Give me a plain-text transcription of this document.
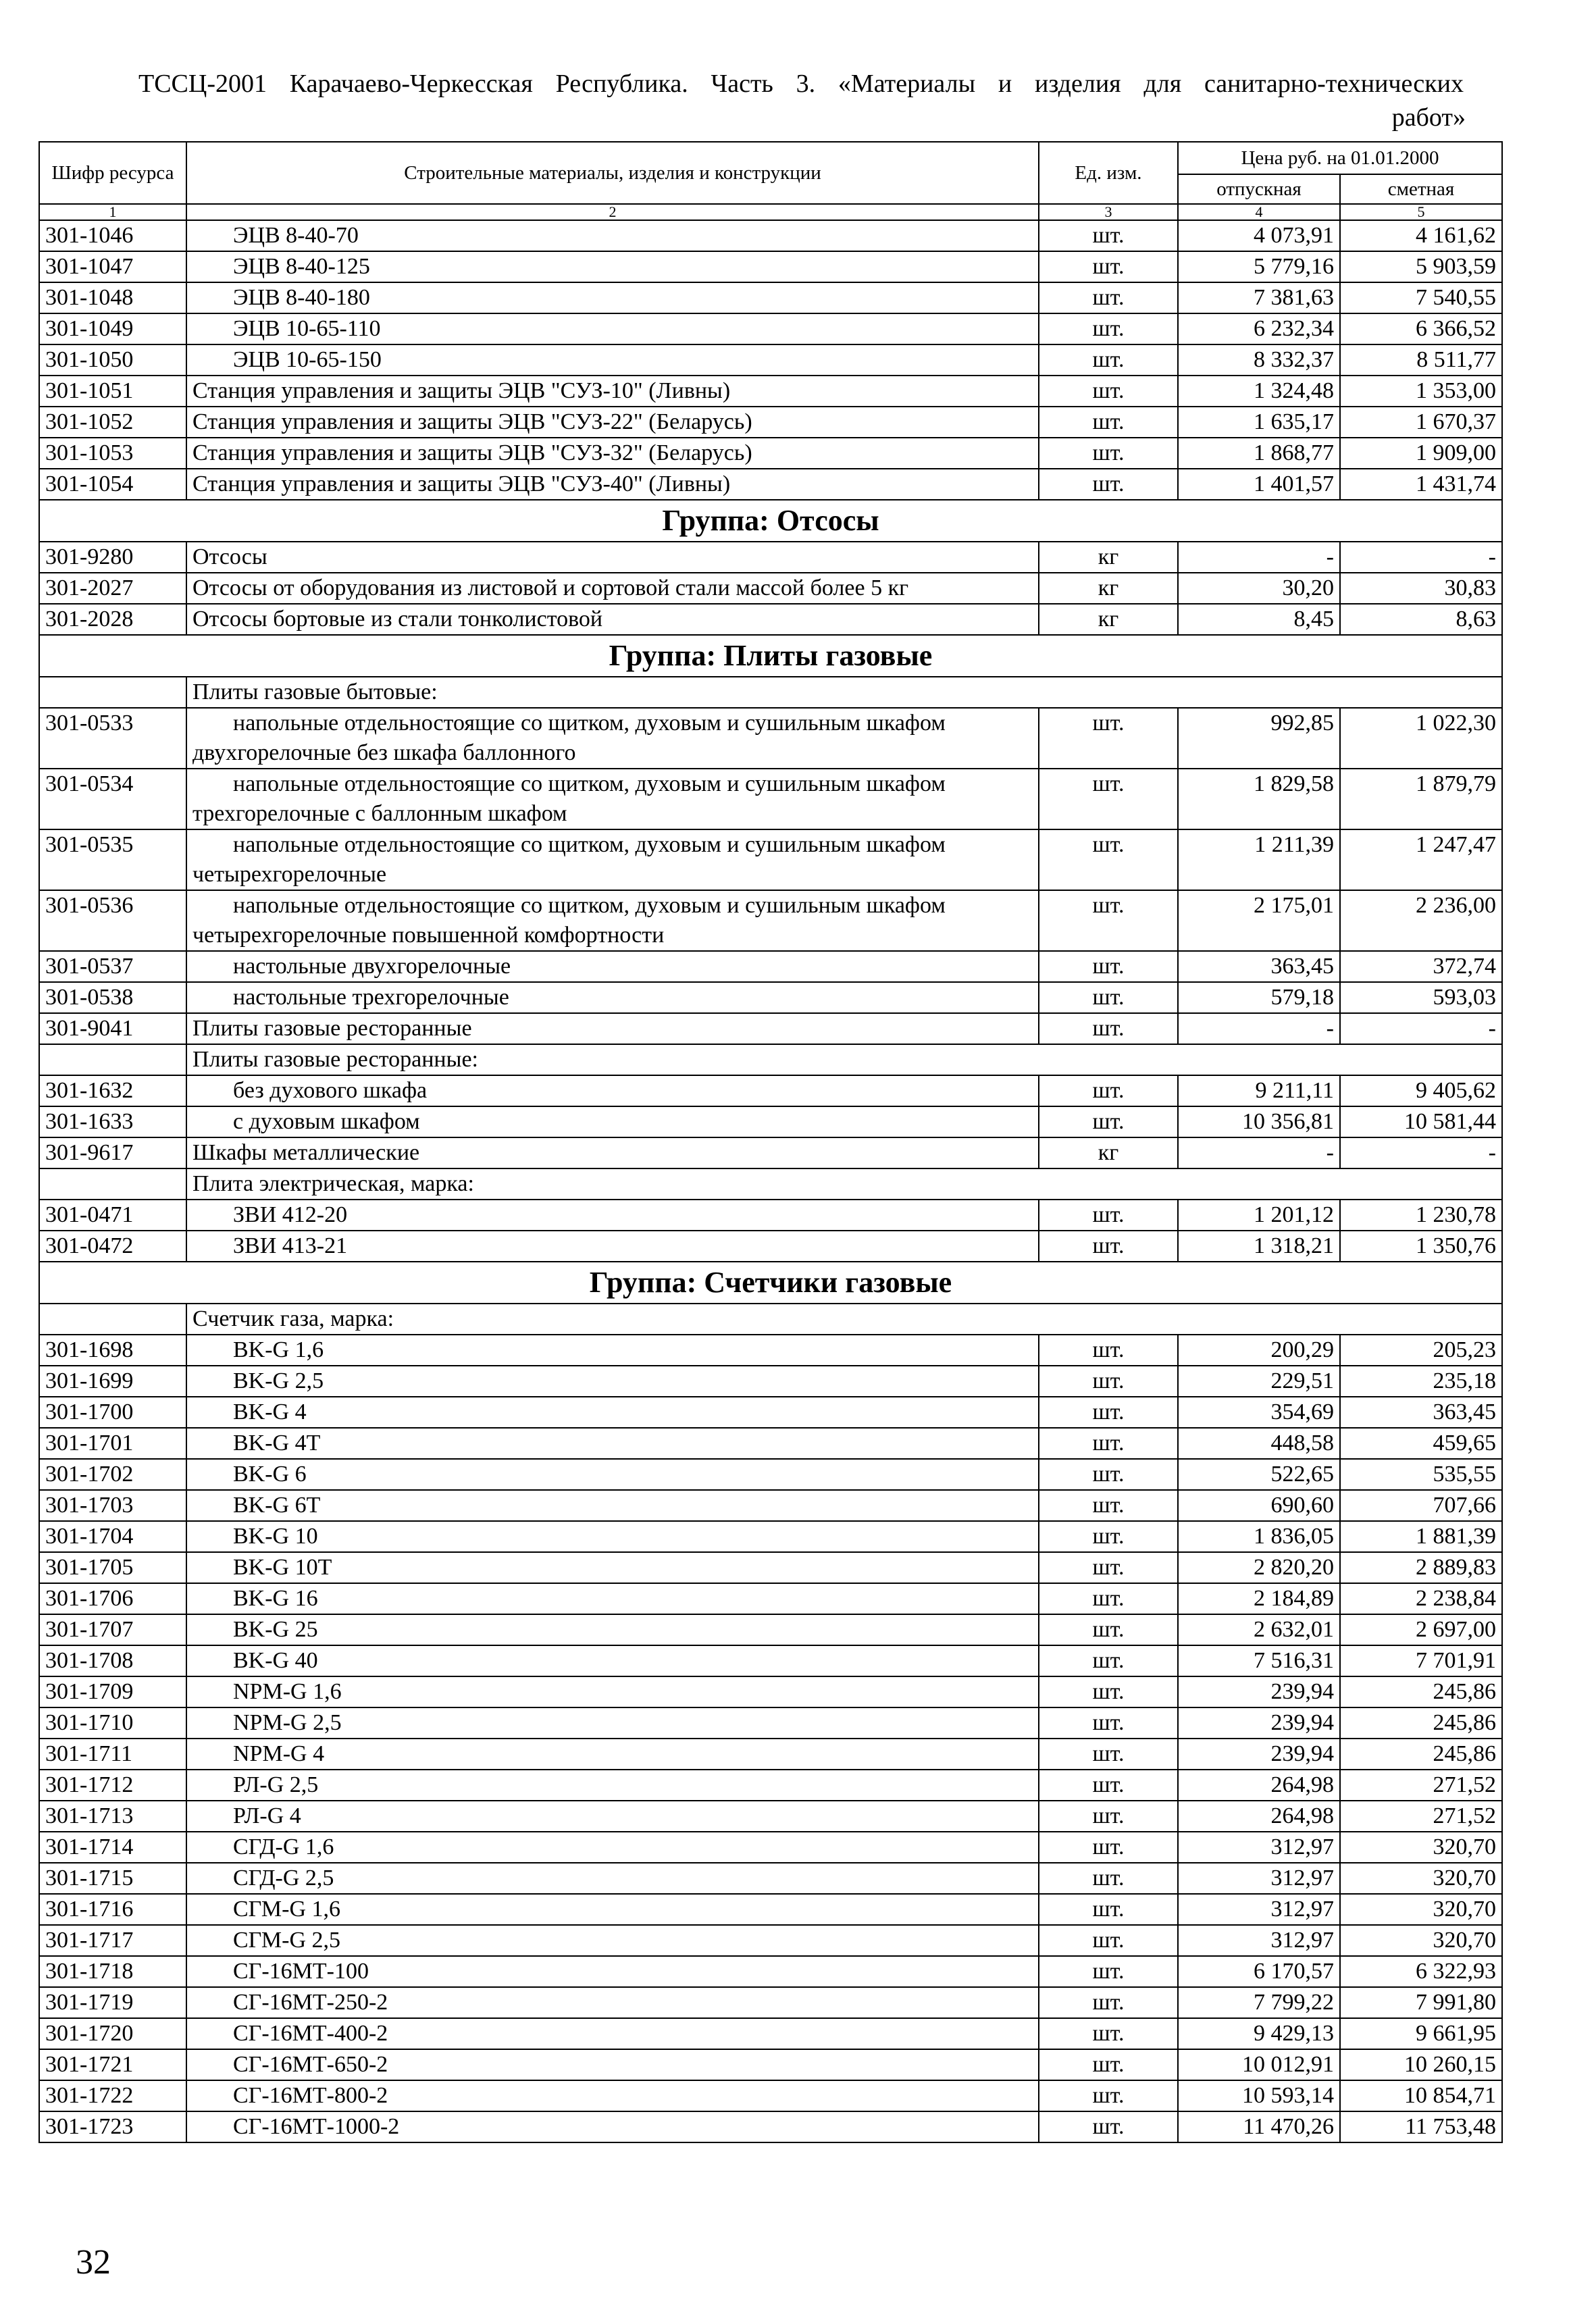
ТССЦ-2001 Карачаево-Черкесская Республика. Часть 3. «Материалы и изделия для санитарно-технических
работ»
Шифр ресурса	Строительные материалы, изделия и конструкции	Ед. изм.	Цена руб. на 01.01.2000	
			отпускная	сметная
1	2	3	4	5
301-1046	ЭЦВ 8-40-70	шт.	4 073,91	4 161,62
301-1047	ЭЦВ 8-40-125	шт.	5 779,16	5 903,59
301-1048	ЭЦВ 8-40-180	шт.	7 381,63	7 540,55
301-1049	ЭЦВ 10-65-110	шт.	6 232,34	6 366,52
301-1050	ЭЦВ 10-65-150	шт.	8 332,37	8 511,77
301-1051	Станция управления и защиты ЭЦВ "СУЗ-10" (Ливны)	шт.	1 324,48	1 353,00
301-1052	Станция управления и защиты ЭЦВ "СУЗ-22" (Беларусь)	шт.	1 635,17	1 670,37
301-1053	Станция управления и защиты ЭЦВ "СУЗ-32" (Беларусь)	шт.	1 868,77	1 909,00
301-1054	Станция управления и защиты ЭЦВ "СУЗ-40" (Ливны)	шт.	1 401,57	1 431,74
Группа: Отсосы				
301-9280	Отсосы	кг	-	-
301-2027	Отсосы от оборудования из листовой и сортовой стали массой более 5 кг	кг	30,20	30,83
301-2028	Отсосы бортовые из стали тонколистовой	кг	8,45	8,63
Группа: Плиты газовые				
	Плиты газовые бытовые:			
301-0533	напольные отдельностоящие со щитком, духовым и сушильным шкафом
двухгорелочные без шкафа баллонного	шт.	992,85	1 022,30
301-0534	напольные отдельностоящие со щитком, духовым и сушильным шкафом
трехгорелочные с баллонным шкафом	шт.	1 829,58	1 879,79
301-0535	напольные отдельностоящие со щитком, духовым и сушильным шкафом
четырехгорелочные	шт.	1 211,39	1 247,47
301-0536	напольные отдельностоящие со щитком, духовым и сушильным шкафом
четырехгорелочные повышенной комфортности	шт.	2 175,01	2 236,00
301-0537	настольные двухгорелочные	шт.	363,45	372,74
301-0538	настольные трехгорелочные	шт.	579,18	593,03
301-9041	Плиты газовые ресторанные	шт.	-	-
	Плиты газовые ресторанные:			
301-1632	без духового шкафа	шт.	9 211,11	9 405,62
301-1633	с духовым шкафом	шт.	10 356,81	10 581,44
301-9617	Шкафы металлические	кг	-	-
	Плита электрическая, марка:			
301-0471	ЗВИ 412-20	шт.	1 201,12	1 230,78
301-0472	ЗВИ 413-21	шт.	1 318,21	1 350,76
Группа: Счетчики газовые				
	Счетчик газа, марка:			
301-1698	BK-G 1,6	шт.	200,29	205,23
301-1699	BK-G 2,5	шт.	229,51	235,18
301-1700	BK-G 4	шт.	354,69	363,45
301-1701	BK-G 4T	шт.	448,58	459,65
301-1702	BK-G 6	шт.	522,65	535,55
301-1703	BK-G 6T	шт.	690,60	707,66
301-1704	BK-G 10	шт.	1 836,05	1 881,39
301-1705	BK-G 10T	шт.	2 820,20	2 889,83
301-1706	BK-G 16	шт.	2 184,89	2 238,84
301-1707	BK-G 25	шт.	2 632,01	2 697,00
301-1708	BK-G 40	шт.	7 516,31	7 701,91
301-1709	NPM-G 1,6	шт.	239,94	245,86
301-1710	NPM-G 2,5	шт.	239,94	245,86
301-1711	NPM-G 4	шт.	239,94	245,86
301-1712	РЛ-G 2,5	шт.	264,98	271,52
301-1713	РЛ-G 4	шт.	264,98	271,52
301-1714	СГД-G 1,6	шт.	312,97	320,70
301-1715	СГД-G 2,5	шт.	312,97	320,70
301-1716	СГМ-G 1,6	шт.	312,97	320,70
301-1717	СГМ-G 2,5	шт.	312,97	320,70
301-1718	СГ-16МТ-100	шт.	6 170,57	6 322,93
301-1719	СГ-16МТ-250-2	шт.	7 799,22	7 991,80
301-1720	СГ-16МТ-400-2	шт.	9 429,13	9 661,95
301-1721	СГ-16МТ-650-2	шт.	10 012,91	10 260,15
301-1722	СГ-16МТ-800-2	шт.	10 593,14	10 854,71
301-1723	СГ-16МТ-1000-2	шт.	11 470,26	11 753,48
32
